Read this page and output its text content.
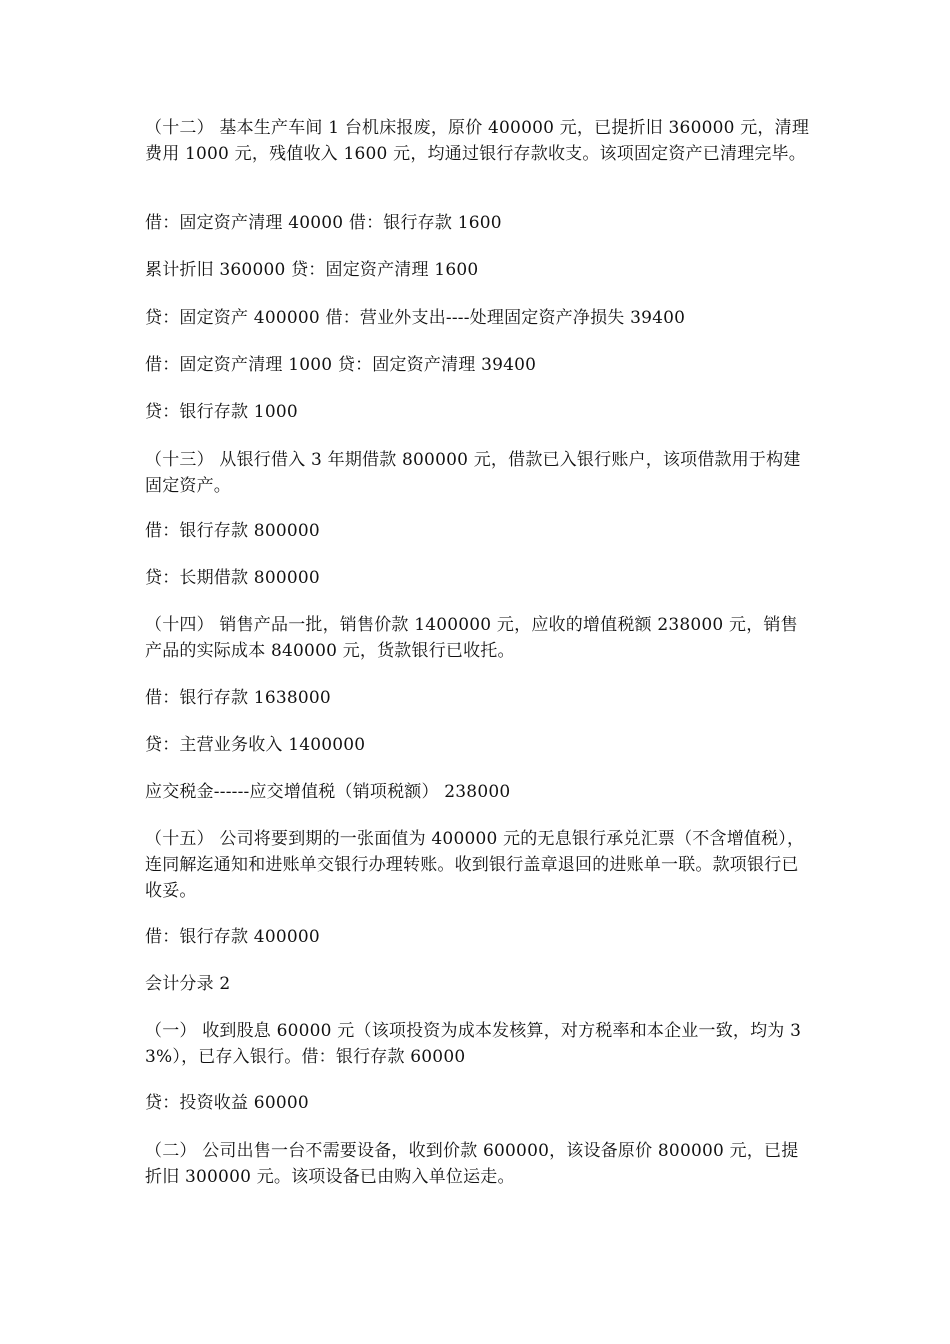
（十二） 基本生产车间 1 台机床报废，原价 400000 元，已提折旧 360000 元，清理费用 1000 元，残值收入 1600 元，均通过银行存款收支。该项固定资产已清理完毕。

借：固定资产清理 40000 借：银行存款 1600

累计折旧 360000 贷：固定资产清理 1600

贷：固定资产 400000 借：营业外支出----处理固定资产净损失 39400

借：固定资产清理 1000 贷：固定资产清理 39400

贷：银行存款 1000

（十三） 从银行借入 3 年期借款 800000 元，借款已入银行账户，该项借款用于构建固定资产。

借：银行存款 800000

贷：长期借款 800000

（十四） 销售产品一批，销售价款 1400000 元，应收的增值税额 238000 元，销售产品的实际成本 840000 元，货款银行已收托。

借：银行存款 1638000

贷：主营业务收入 1400000

应交税金------应交增值税（销项税额） 238000

（十五） 公司将要到期的一张面值为 400000 元的无息银行承兑汇票（不含增值税），连同解迄通知和进账单交银行办理转账。收到银行盖章退回的进账单一联。款项银行已收妥。

借：银行存款 400000

会计分录 2

（一） 收到股息 60000 元（该项投资为成本发核算，对方税率和本企业一致，均为 33%），已存入银行。借：银行存款 60000

贷：投资收益 60000

（二） 公司出售一台不需要设备，收到价款 600000，该设备原价 800000 元，已提折旧 300000 元。该项设备已由购入单位运走。
